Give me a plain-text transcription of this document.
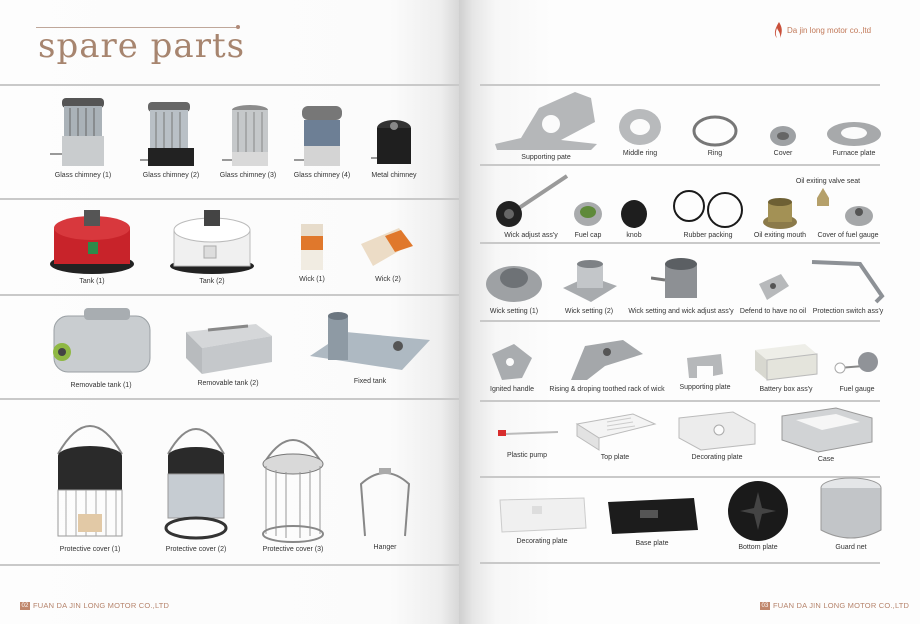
spare parts	Da jin long motor co.,ltd
Glass chimney (1)	Glass chimney (2)	Glass chimney (3)	Glass chimney (4)	Metal chimney
Tank (1)	Tank (2)	Wick (1)	Wick (2)
Removable tank (1)	Removable tank (2)	Fixed tank
Protective cover (1)	Protective cover (2)	Protective cover (3)	Hanger
Supporting pate
Middle ring	Ring	Cover	Furnace plate
Oil exiting valve seat
Wick adjust ass'y Fuel cap	knob	Rubber packing	Oil exiting mouth Cover of fuel gauge
Wick setting (1)	Wick setting (2) Wick setting and wick adjust ass'y Defend to have no oil Protection switch ass'y
Ignited handle Rising & droping toothed rack of wick Supporting plate	Battery box ass'y	Fuel gauge
Plastic pump	Top plate	Decorating plate	Case
Decorating plate	Base plate
Bottom plate	Guard net
02 FUAN DA JIN LONG MOTOR CO.,LTD	03 FUAN DA JIN LONG MOTOR CO.,LTD
